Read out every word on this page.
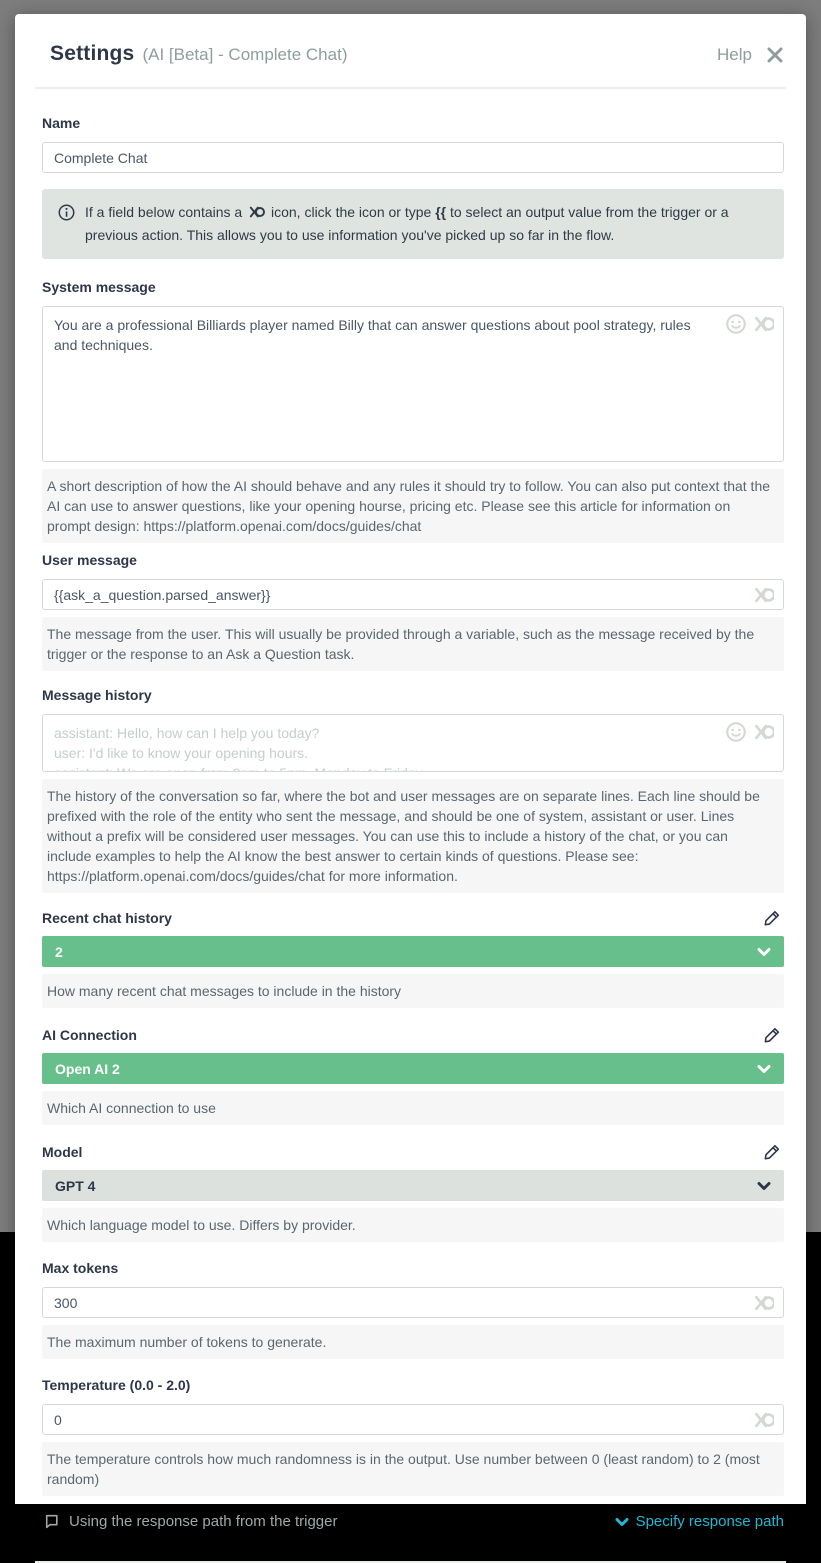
Settings (AI [Beta] - Complete Chat)	Help
Name
Complete Chat

If a field below contains a  icon, click the icon or type {{ to select an output value from the trigger or a previous action. This allows you to use information you've picked up so far in the flow.

System message
You are a professional Billiards player named Billy that can answer questions about pool strategy, rules and techniques.
A short description of how the AI should behave and any rules it should try to follow. You can also put context that the AI can use to answer questions, like your opening hourse, pricing etc. Please see this article for information on prompt design: https://platform.openai.com/docs/guides/chat
User message
{{ask_a_question.parsed_answer}}
The message from the user. This will usually be provided through a variable, such as the message received by the trigger or the response to an Ask a Question task.
Message history
assistant: Hello, how can I help you today? user: I'd like to know your opening hours. assistant: We are open from 9am to 5pm, Monday to Friday.
The history of the conversation so far, where the bot and user messages are on separate lines. Each line should be prefixed with the role of the entity who sent the message, and should be one of system, assistant or user. Lines without a prefix will be considered user messages. You can use this to include a history of the chat, or you can include examples to help the AI know the best answer to certain kinds of questions. Please see: https://platform.openai.com/docs/guides/chat for more information.
Recent chat history
2
How many recent chat messages to include in the history
AI Connection
Open AI 2
Which AI connection to use
Model
GPT 4
Which language model to use. Differs by provider.
Max tokens
300
The maximum number of tokens to generate.
Temperature (0.0 - 2.0)
0
The temperature controls how much randomness is in the output. Use number between 0 (least random) to 2 (most random)
Using the response path from the trigger	Specify response path
